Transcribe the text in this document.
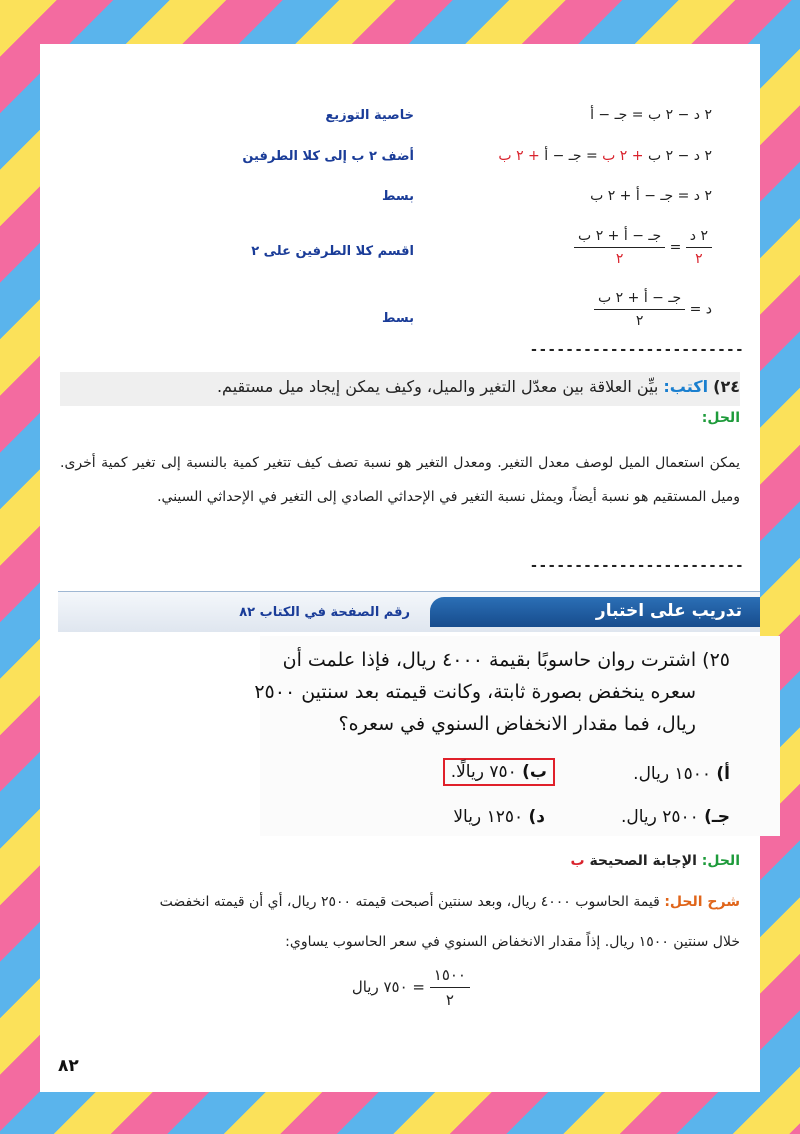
٢ د − ٢ ب = جـ − أ
خاصية التوزيع
٢ د − ٢ ب + ٢ ب = جـ − أ + ٢ ب
أضف ٢ ب إلى كلا الطرفين
٢ د = جـ − أ + ٢ ب
بسط
$\frac{\text{٢ د}}{٢}$
=
$\frac{\text{جـ − أ + ٢ ب}}{٢}$
اقسم كلا الطرفين على ٢
د =
$\frac{\text{جـ − أ + ٢ ب}}{٢}$
بسط
------------------------
٢٤) اكتب: بيِّن العلاقة بين معدّل التغير والميل، وكيف يمكن إيجاد ميل مستقيم.
الحل:
يمكن استعمال الميل لوصف معدل التغير. ومعدل التغير هو نسبة تصف كيف تتغير كمية بالنسبة إلى تغير كمية أخرى. وميل المستقيم هو نسبة أيضاً، ويمثل نسبة التغير في الإحداثي الصادي إلى التغير في الإحداثي السيني.
------------------------
تدريب على اختبار
رقم الصفحة في الكتاب ٨٢
٢٥) اشترت روان حاسوبًا بقيمة ٤٠٠٠ ريال، فإذا علمت أن
سعره ينخفض بصورة ثابتة، وكانت قيمته بعد سنتين ٢٥٠٠
ريال، فما مقدار الانخفاض السنوي في سعره؟
أ) ١٥٠٠ ريال.
ب) ٧٥٠ ريالًا.
جـ) ٢٥٠٠ ريال.
د) ١٢٥٠ ريالا
الحل: الإجابة الصحيحة ب
شرح الحل: قيمة الحاسوب ٤٠٠٠ ريال، وبعد سنتين أصبحت قيمته ٢٥٠٠ ريال، أي أن قيمته انخفضت
خلال سنتين ١٥٠٠ ريال. إذاً مقدار الانخفاض السنوي في سعر الحاسوب يساوي:
$\frac{١٥٠٠}{٢}$
= ٧٥٠ ريال
٨٢
